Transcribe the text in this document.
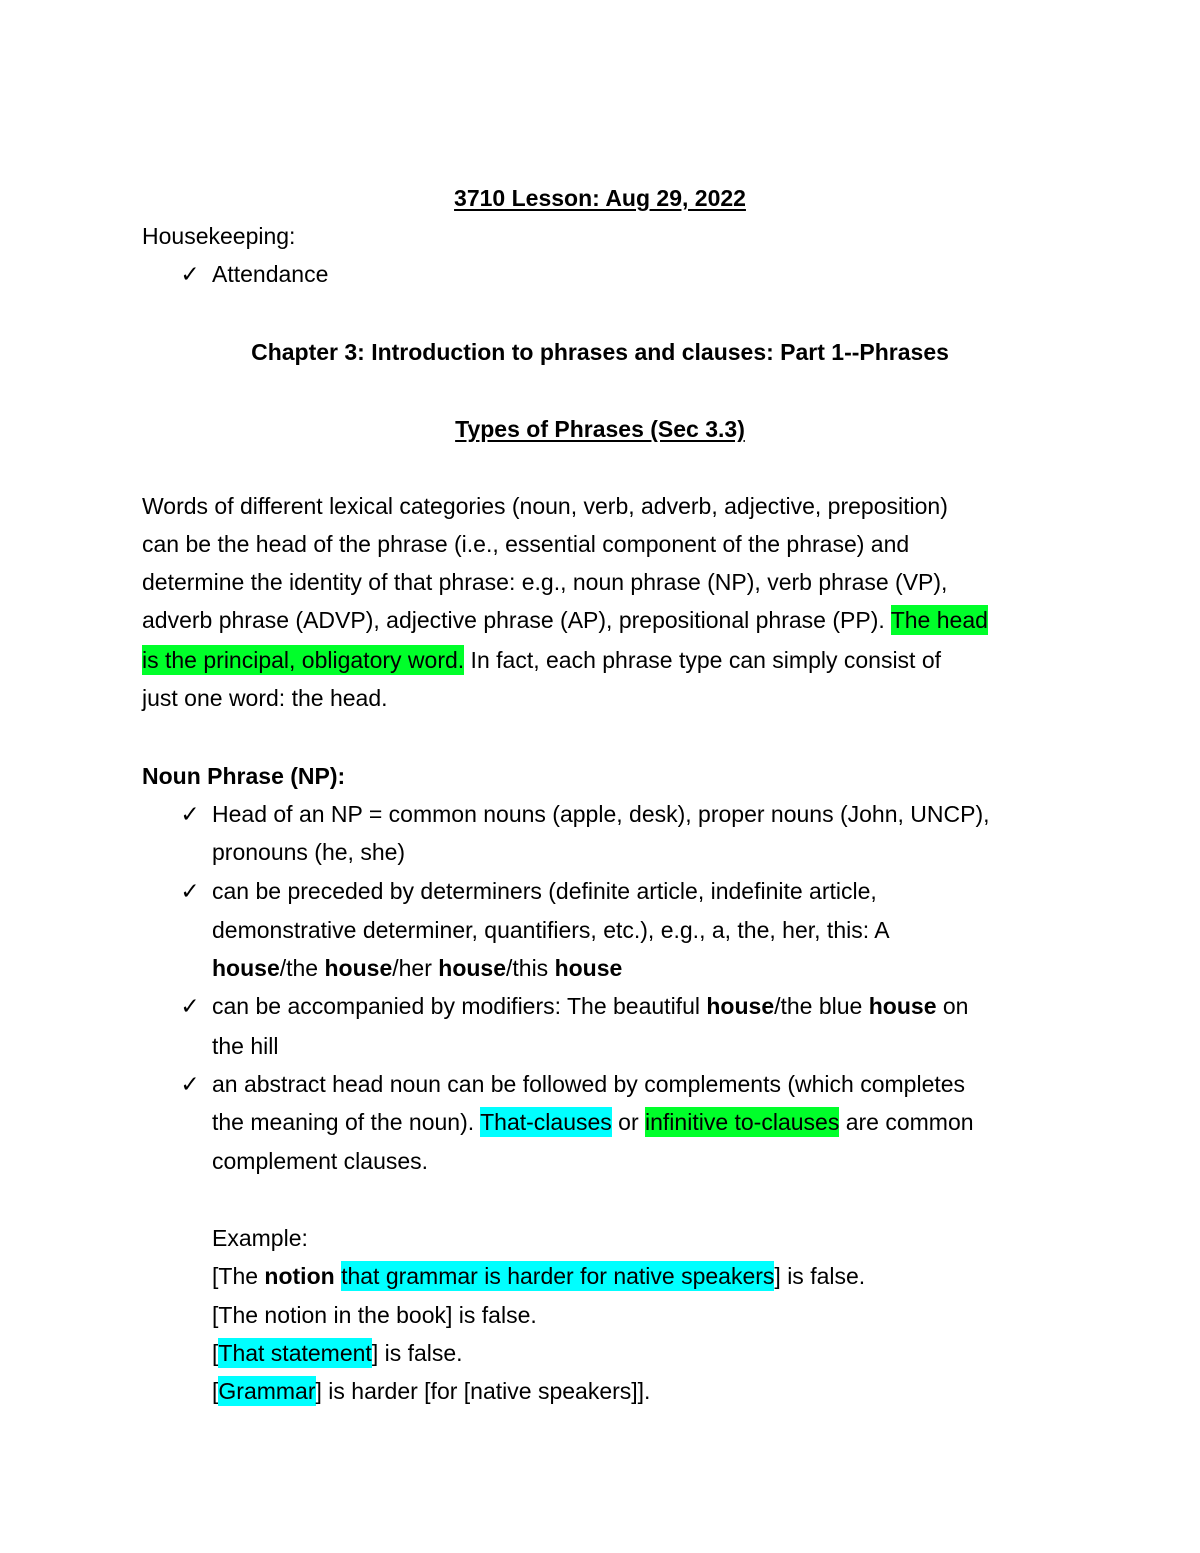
3710 Lesson: Aug 29, 2022
Housekeeping:
✓ Attendance
Chapter 3: Introduction to phrases and clauses: Part 1--Phrases
Types of Phrases (Sec 3.3)
Words of different lexical categories (noun, verb, adverb, adjective, preposition)
can be the head of the phrase (i.e., essential component of the phrase) and
determine the identity of that phrase: e.g., noun phrase (NP), verb phrase (VP),
adverb phrase (ADVP), adjective phrase (AP), prepositional phrase (PP). The head
is the principal, obligatory word. In fact, each phrase type can simply consist of
just one word: the head.
Noun Phrase (NP):
✓ Head of an NP = common nouns (apple, desk), proper nouns (John, UNCP),
pronouns (he, she)
✓ can be preceded by determiners (definite article, indefinite article,
demonstrative determiner, quantifiers, etc.), e.g., a, the, her, this: A
house/the house/her house/this house
✓ can be accompanied by modifiers: The beautiful house/the blue house on
the hill
✓ an abstract head noun can be followed by complements (which completes
the meaning of the noun). That-clauses or infinitive to-clauses are common
complement clauses.
Example:
[The notion that grammar is harder for native speakers] is false.
[The notion in the book] is false.
[That statement] is false.
[Grammar] is harder [for [native speakers]].
